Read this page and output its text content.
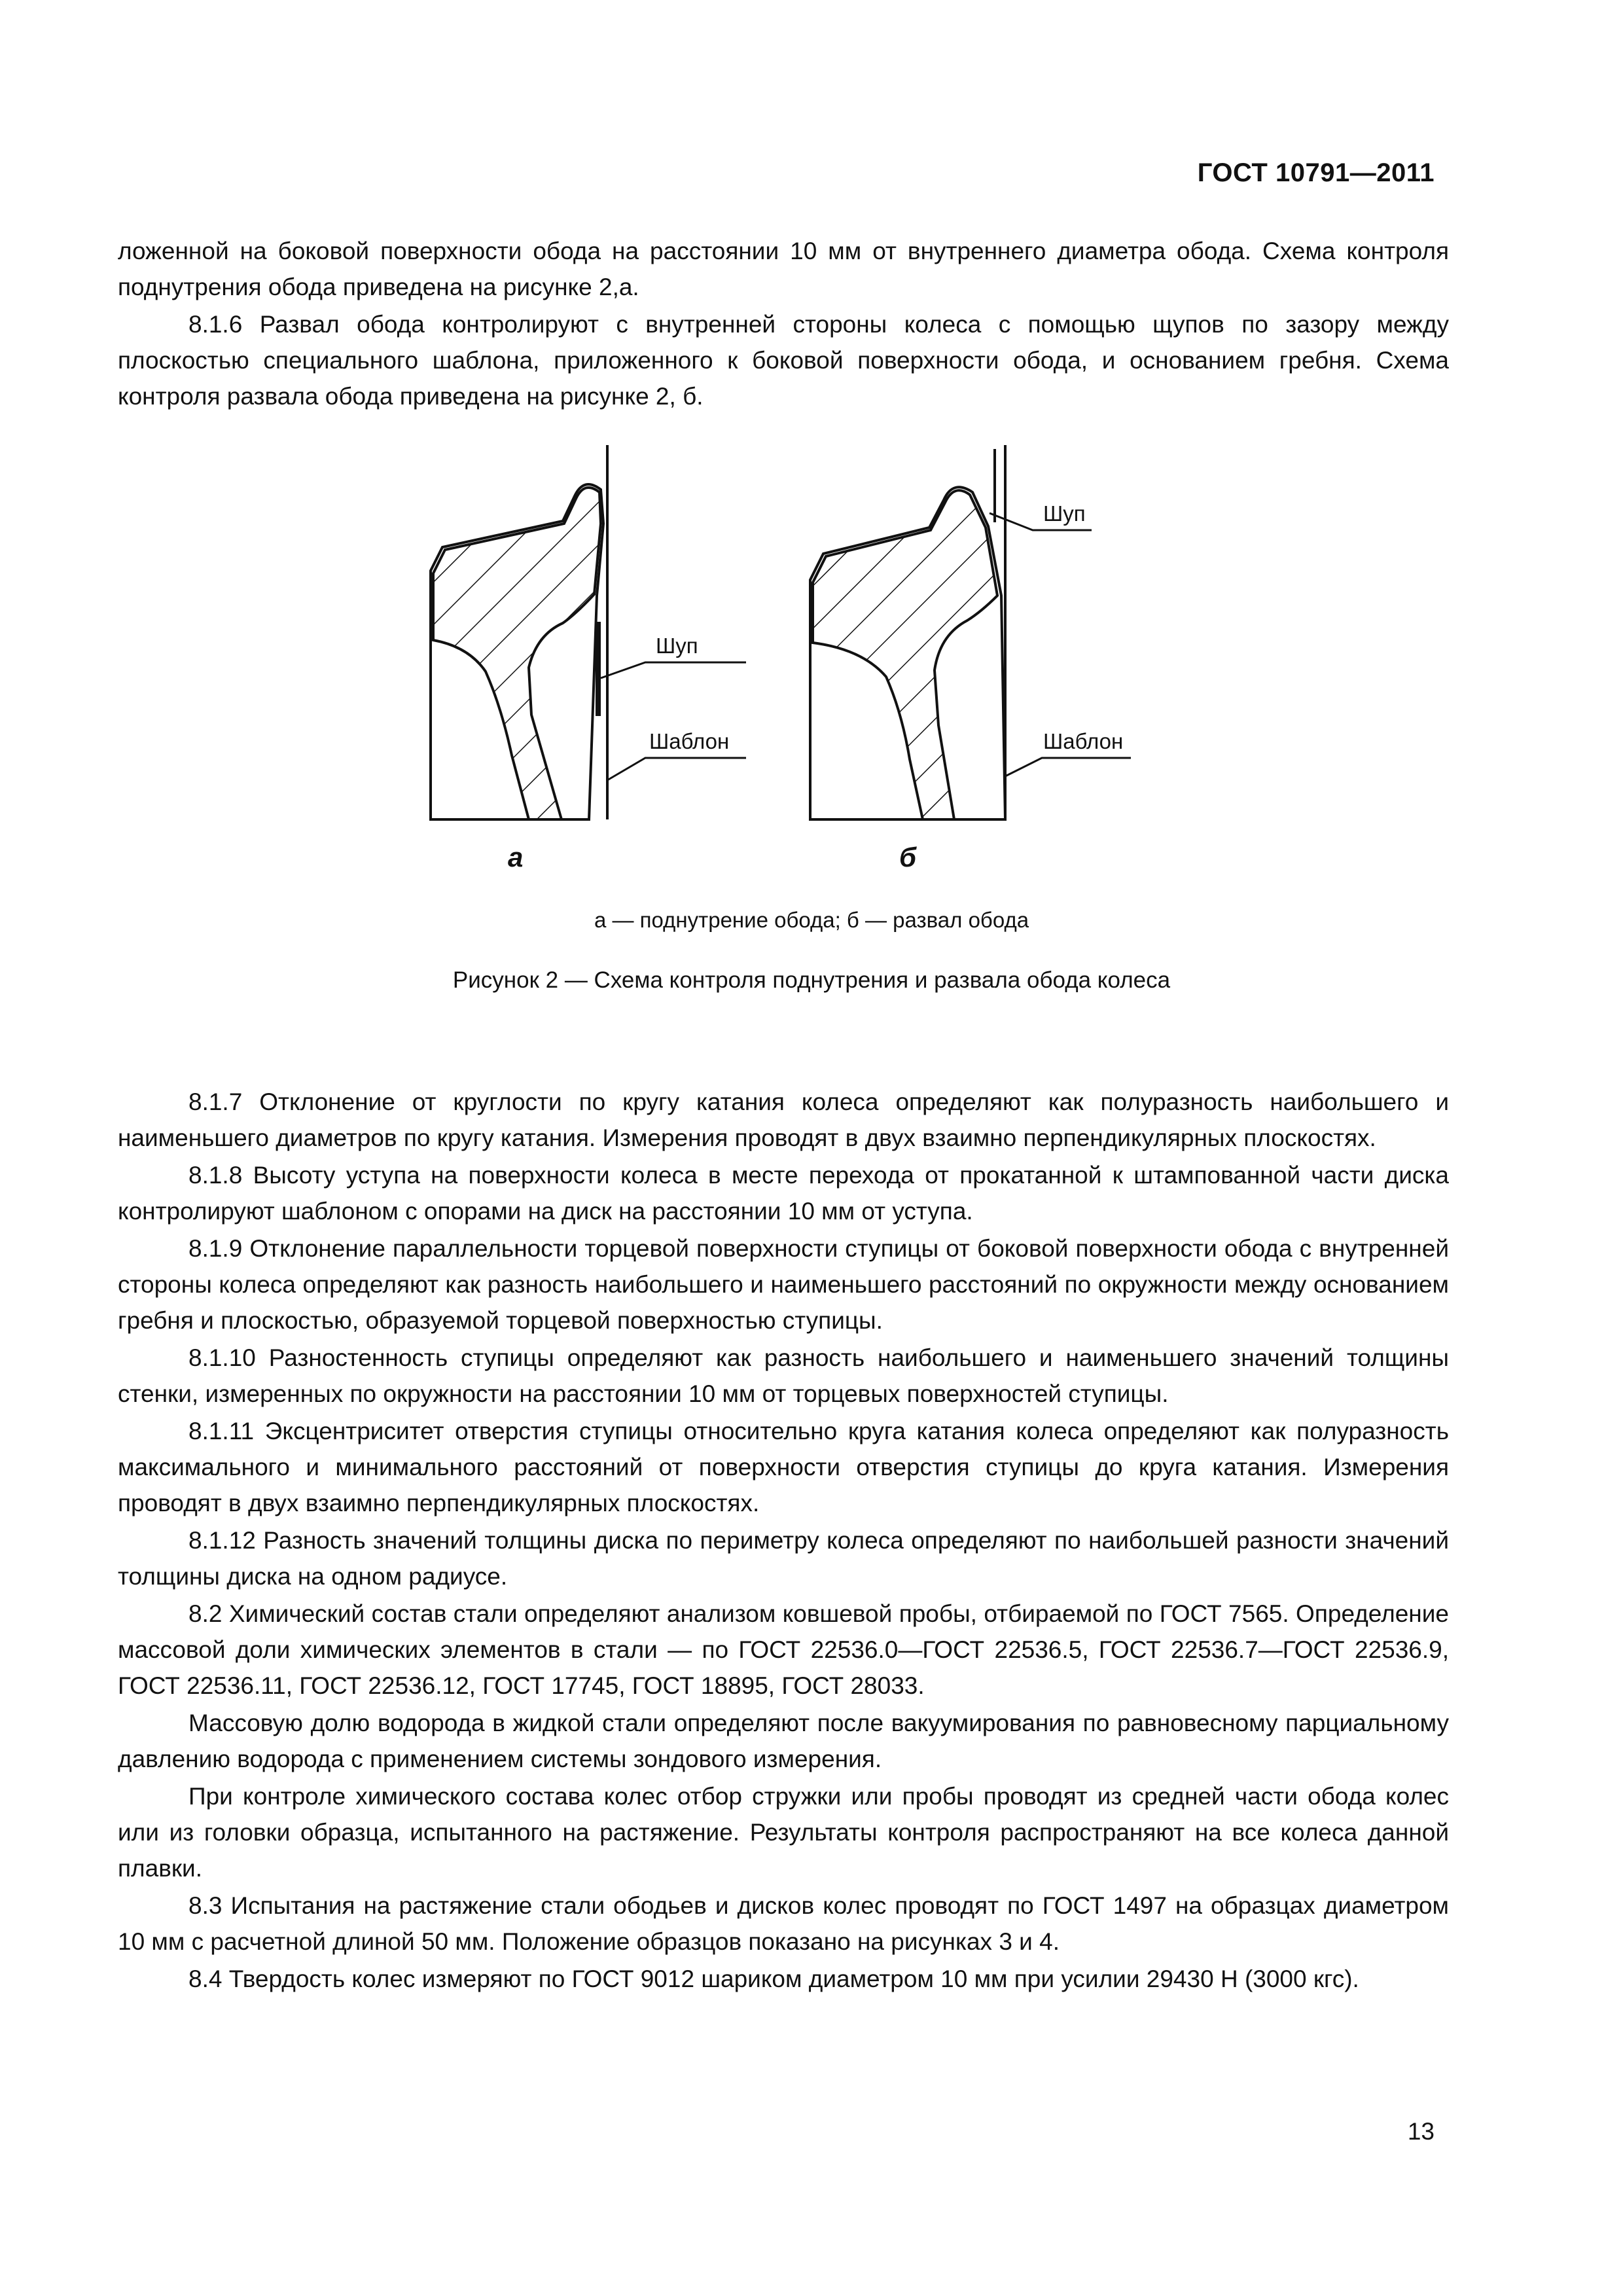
ГОСТ 10791—2011

ложенной на боковой поверхности обода на расстоянии 10 мм от внутреннего диаметра обода. Схема контроля поднутрения обода приведена на рисунке 2,а.

8.1.6 Развал обода контролируют с внутренней стороны колеса с помощью щупов по зазору между плоскостью специального шаблона, приложенного к боковой поверхности обода, и основанием гребня. Схема контроля развала обода приведена на рисунке 2, б.

Шуп
Шаблон
Шуп
Шаблон
а	б
а — поднутрение обода; б — развал обода
Рисунок 2 — Схема контроля поднутрения и развала обода колеса

8.1.7 Отклонение от круглости по кругу катания колеса определяют как полуразность наибольшего и наименьшего диаметров по кругу катания. Измерения проводят в двух взаимно перпендикулярных плоскостях.

8.1.8 Высоту уступа на поверхности колеса в месте перехода от прокатанной к штампованной части диска контролируют шаблоном с опорами на диск на расстоянии 10 мм от уступа.

8.1.9 Отклонение параллельности торцевой поверхности ступицы от боковой поверхности обода с внутренней стороны колеса определяют как разность наибольшего и наименьшего расстояний по окружности между основанием гребня и плоскостью, образуемой торцевой поверхностью ступицы.

8.1.10 Разностенность ступицы определяют как разность наибольшего и наименьшего значений толщины стенки, измеренных по окружности на расстоянии 10 мм от торцевых поверхностей ступицы.

8.1.11 Эксцентриситет отверстия ступицы относительно круга катания колеса определяют как полуразность максимального и минимального расстояний от поверхности отверстия ступицы до круга катания. Измерения проводят в двух взаимно перпендикулярных плоскостях.

8.1.12 Разность значений толщины диска по периметру колеса определяют по наибольшей разности значений толщины диска на одном радиусе.

8.2 Химический состав стали определяют анализом ковшевой пробы, отбираемой по ГОСТ 7565. Определение массовой доли химических элементов в стали — по ГОСТ 22536.0—ГОСТ 22536.5, ГОСТ 22536.7—ГОСТ 22536.9, ГОСТ 22536.11, ГОСТ 22536.12, ГОСТ 17745, ГОСТ 18895, ГОСТ 28033.

Массовую долю водорода в жидкой стали определяют после вакуумирования по равновесному парциальному давлению водорода с применением системы зондового измерения.

При контроле химического состава колес отбор стружки или пробы проводят из средней части обода колес или из головки образца, испытанного на растяжение. Результаты контроля распространяют на все колеса данной плавки.

8.3 Испытания на растяжение стали ободьев и дисков колес проводят по ГОСТ 1497 на образцах диаметром 10 мм с расчетной длиной 50 мм. Положение образцов показано на рисунках 3 и 4.

8.4 Твердость колес измеряют по ГОСТ 9012 шариком диаметром 10 мм при усилии 29430 Н (3000 кгс).

13
